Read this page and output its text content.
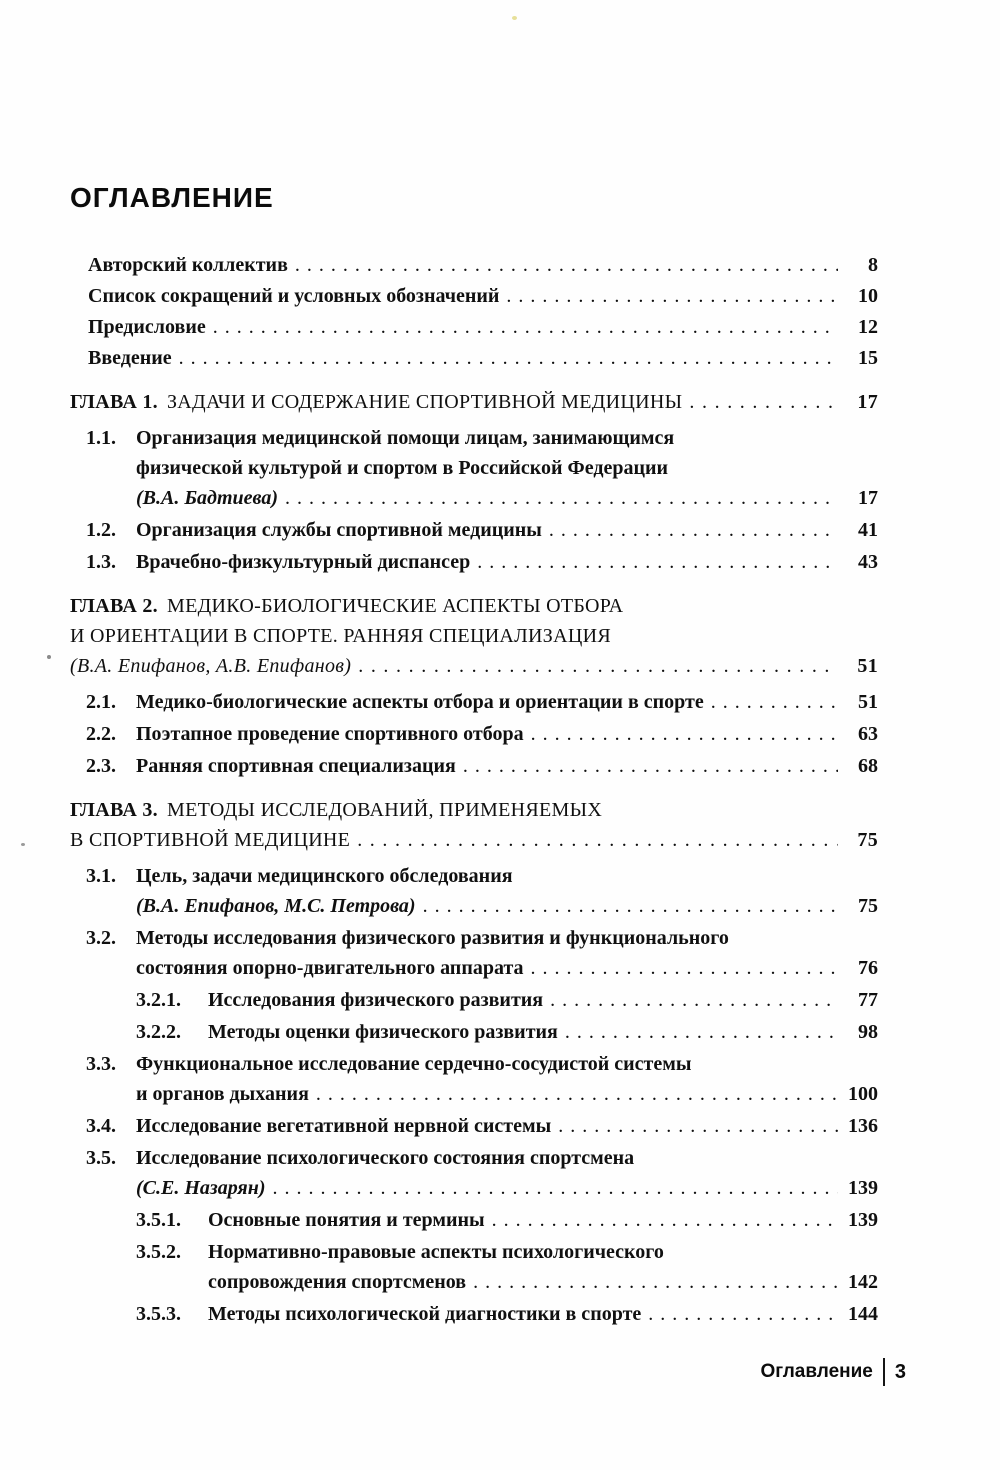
ОГЛАВЛЕНИЕ
Авторский коллектив . . .	8
Список сокращений и условных обозначений . . .	10
Предисловие . . .	12
Введение . . .	15
ГЛАВА 1. ЗАДАЧИ И СОДЕРЖАНИЕ СПОРТИВНОЙ МЕДИЦИНЫ . . .	17
1.1. Организация медицинской помощи лицам, занимающимся
физической культурой и спортом в Российской Федерации
(В.А. Бадтиева) . . .	17
1.2. Организация службы спортивной медицины . . .	41
1.3. Врачебно-физкультурный диспансер . . .	43
ГЛАВА 2. МЕДИКО-БИОЛОГИЧЕСКИЕ АСПЕКТЫ ОТБОРА
И ОРИЕНТАЦИИ В СПОРТЕ. РАННЯЯ СПЕЦИАЛИЗАЦИЯ
(В.А. Епифанов, А.В. Епифанов) . . .	51
2.1. Медико-биологические аспекты отбора и ориентации в спорте . . .	51
2.2. Поэтапное проведение спортивного отбора . . .	63
2.3. Ранняя спортивная специализация . . .	68
ГЛАВА 3. МЕТОДЫ ИССЛЕДОВАНИЙ, ПРИМЕНЯЕМЫХ
В СПОРТИВНОЙ МЕДИЦИНЕ . . .	75
3.1. Цель, задачи медицинского обследования
(В.А. Епифанов, М.С. Петрова) . . .	75
3.2. Методы исследования физического развития и функционального
состояния опорно-двигательного аппарата . . .	76
3.2.1. Исследования физического развития . . .	77
3.2.2. Методы оценки физического развития . . .	98
3.3. Функциональное исследование сердечно-сосудистой системы
и органов дыхания . . .	100
3.4. Исследование вегетативной нервной системы . . .	136
3.5. Исследование психологического состояния спортсмена
(С.Е. Назарян) . . .	139
3.5.1. Основные понятия и термины . . .	139
3.5.2. Нормативно-правовые аспекты психологического
сопровождения спортсменов . . .	142
3.5.3. Методы психологической диагностики в спорте . . .	144
Оглавление 3
